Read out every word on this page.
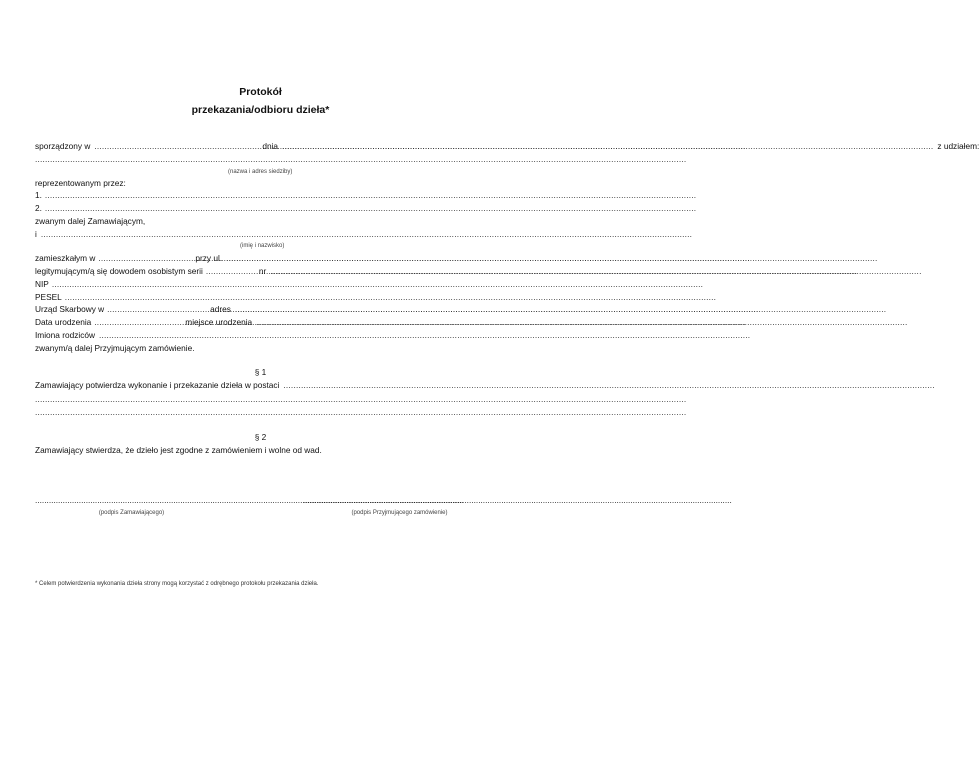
Protokół
przekazania/odbioru dzieła*
sporządzony w .....	dnia .....	z udziałem:
.....
(nazwa i adres siedziby)
reprezentowanym przez:
1.
.....
2.
.....
zwanym dalej Zamawiającym,
i
.....
(imię i nazwisko)
zamieszkałym w .....	przy ul.
.....
legitymującym/ą się dowodem osobistym serii .....	nr
.....
NIP
.....
PESEL
.....
Urząd Skarbowy w .....	adres
.....
Data urodzenia .....	miejsce urodzenia
.....
Imiona rodziców
.....
zwanym/ą dalej Przyjmującym zamówienie.
§ 1
Zamawiający potwierdza wykonanie i przekazanie dzieła w postaci
.....
.....
.....
§ 2
Zamawiający stwierdza, że dzieło jest zgodne z zamówieniem i wolne od wad.
.....
.....
(podpis Zamawiającego)	(podpis Przyjmującego zamówienie)
* Celem potwierdzenia wykonania dzieła strony mogą korzystać z odrębnego protokołu przekazania dzieła.
